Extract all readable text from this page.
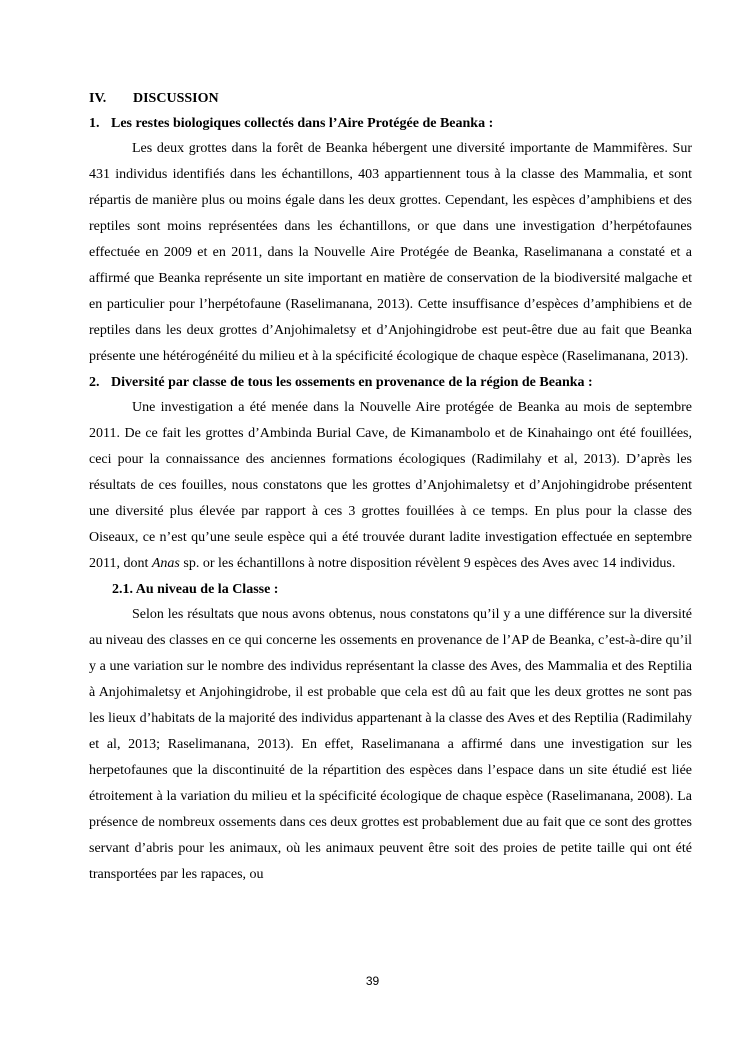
IV. DISCUSSION
1. Les restes biologiques collectés dans l’Aire Protégée de Beanka :

Les deux grottes dans la forêt de Beanka hébergent une diversité importante de Mammifères. Sur 431 individus identifiés dans les échantillons, 403 appartiennent tous à la classe des Mammalia, et sont répartis de manière plus ou moins égale dans les deux grottes. Cependant, les espèces d’amphibiens et des reptiles sont moins représentées dans les échantillons, or que dans une investigation d’herpétofaunes effectuée en 2009 et en 2011, dans la Nouvelle Aire Protégée de Beanka, Raselimanana a constaté et a affirmé que Beanka représente un site important en matière de conservation de la biodiversité malgache et en particulier pour l’herpétofaune (Raselimanana, 2013). Cette insuffisance d’espèces d’amphibiens et de reptiles dans les deux grottes d’Anjohimaletsy et d’Anjohingidrobe est peut-être due au fait que Beanka présente une hétérogénéité du milieu et à la spécificité écologique de chaque espèce (Raselimanana, 2013).

2. Diversité par classe de tous les ossements en provenance de la région de Beanka :

Une investigation a été menée dans la Nouvelle Aire protégée de Beanka au mois de septembre 2011. De ce fait les grottes d’Ambinda Burial Cave, de Kimanambolo et de Kinahaingo ont été fouillées, ceci pour la connaissance des anciennes formations écologiques (Radimilahy et al, 2013). D’après les résultats de ces fouilles, nous constatons que les grottes d’Anjohimaletsy et d’Anjohingidrobe présentent une diversité plus élevée par rapport à ces 3 grottes fouillées à ce temps. En plus pour la classe des Oiseaux, ce n’est qu’une seule espèce qui a été trouvée durant ladite investigation effectuée en septembre 2011, dont Anas sp. or les échantillons à notre disposition révèlent 9 espèces des Aves avec 14 individus.

2.1. Au niveau de la Classe :

Selon les résultats que nous avons obtenus, nous constatons qu’il y a une différence sur la diversité au niveau des classes en ce qui concerne les ossements en provenance de l’AP de Beanka, c’est-à-dire qu’il y a une variation sur le nombre des individus représentant la classe des Aves, des Mammalia et des Reptilia à Anjohimaletsy et Anjohingidrobe, il est probable que cela est dû au fait que les deux grottes ne sont pas les lieux d’habitats de la majorité des individus appartenant à la classe des Aves et des Reptilia (Radimilahy et al, 2013; Raselimanana, 2013). En effet, Raselimanana a affirmé dans une investigation sur les herpetofaunes que la discontinuité de la répartition des espèces dans l’espace dans un site étudié est liée étroitement à la variation du milieu et la spécificité écologique de chaque espèce (Raselimanana, 2008). La présence de nombreux ossements dans ces deux grottes est probablement due au fait que ce sont des grottes servant d’abris pour les animaux, où les animaux peuvent être soit des proies de petite taille qui ont été transportées par les rapaces, ou

39
